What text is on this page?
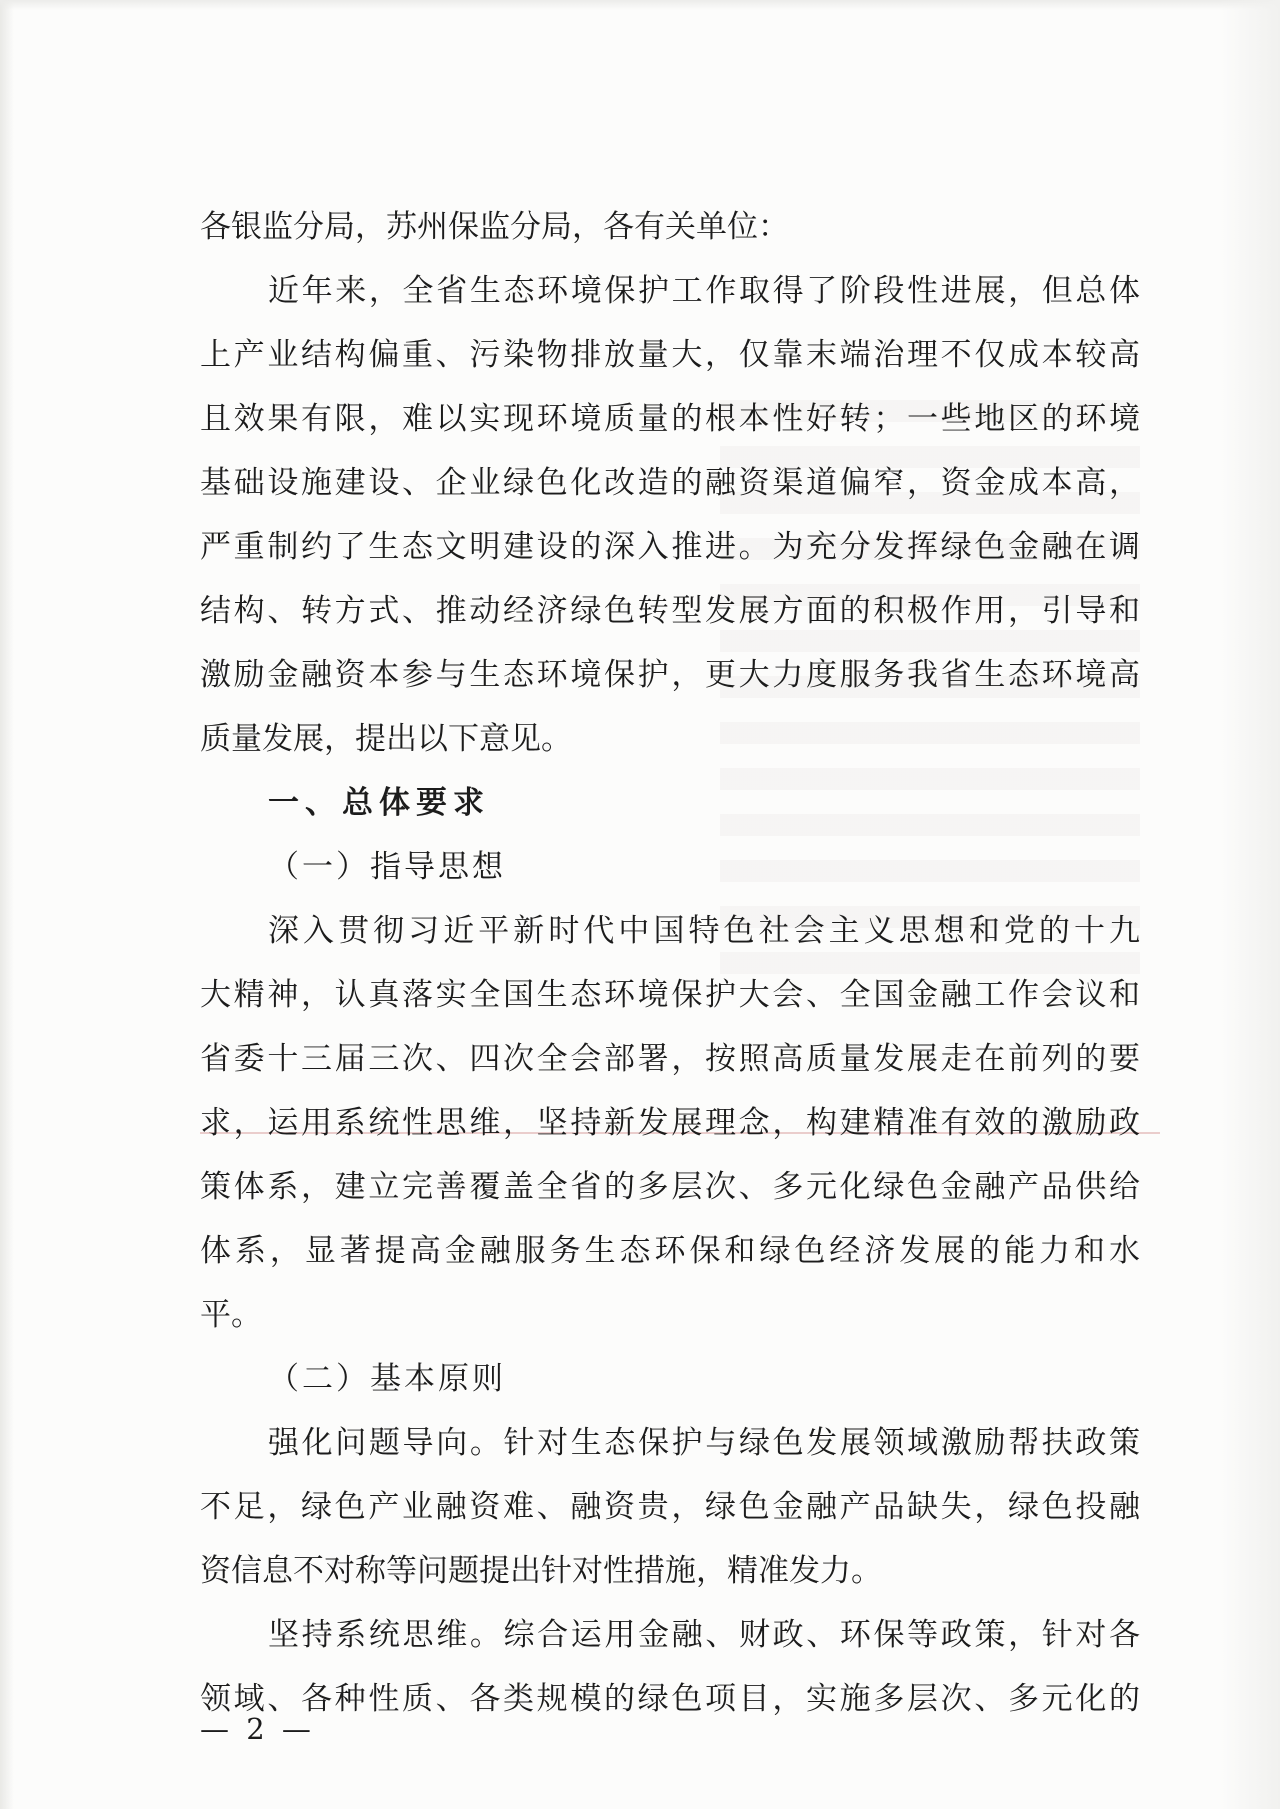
各银监分局，苏州保监分局，各有关单位：
近年来，全省生态环境保护工作取得了阶段性进展，但总体
上产业结构偏重、污染物排放量大，仅靠末端治理不仅成本较高
且效果有限，难以实现环境质量的根本性好转；一些地区的环境
基础设施建设、企业绿色化改造的融资渠道偏窄，资金成本高，
严重制约了生态文明建设的深入推进。为充分发挥绿色金融在调
结构、转方式、推动经济绿色转型发展方面的积极作用，引导和
激励金融资本参与生态环境保护，更大力度服务我省生态环境高
质量发展，提出以下意见。
一、总体要求
（一）指导思想
深入贯彻习近平新时代中国特色社会主义思想和党的十九
大精神，认真落实全国生态环境保护大会、全国金融工作会议和
省委十三届三次、四次全会部署，按照高质量发展走在前列的要
求，运用系统性思维，坚持新发展理念，构建精准有效的激励政
策体系，建立完善覆盖全省的多层次、多元化绿色金融产品供给
体系，显著提高金融服务生态环保和绿色经济发展的能力和水
平。
（二）基本原则
强化问题导向。针对生态保护与绿色发展领域激励帮扶政策
不足，绿色产业融资难、融资贵，绿色金融产品缺失，绿色投融
资信息不对称等问题提出针对性措施，精准发力。
坚持系统思维。综合运用金融、财政、环保等政策，针对各
领域、各种性质、各类规模的绿色项目，实施多层次、多元化的
— 2 —
